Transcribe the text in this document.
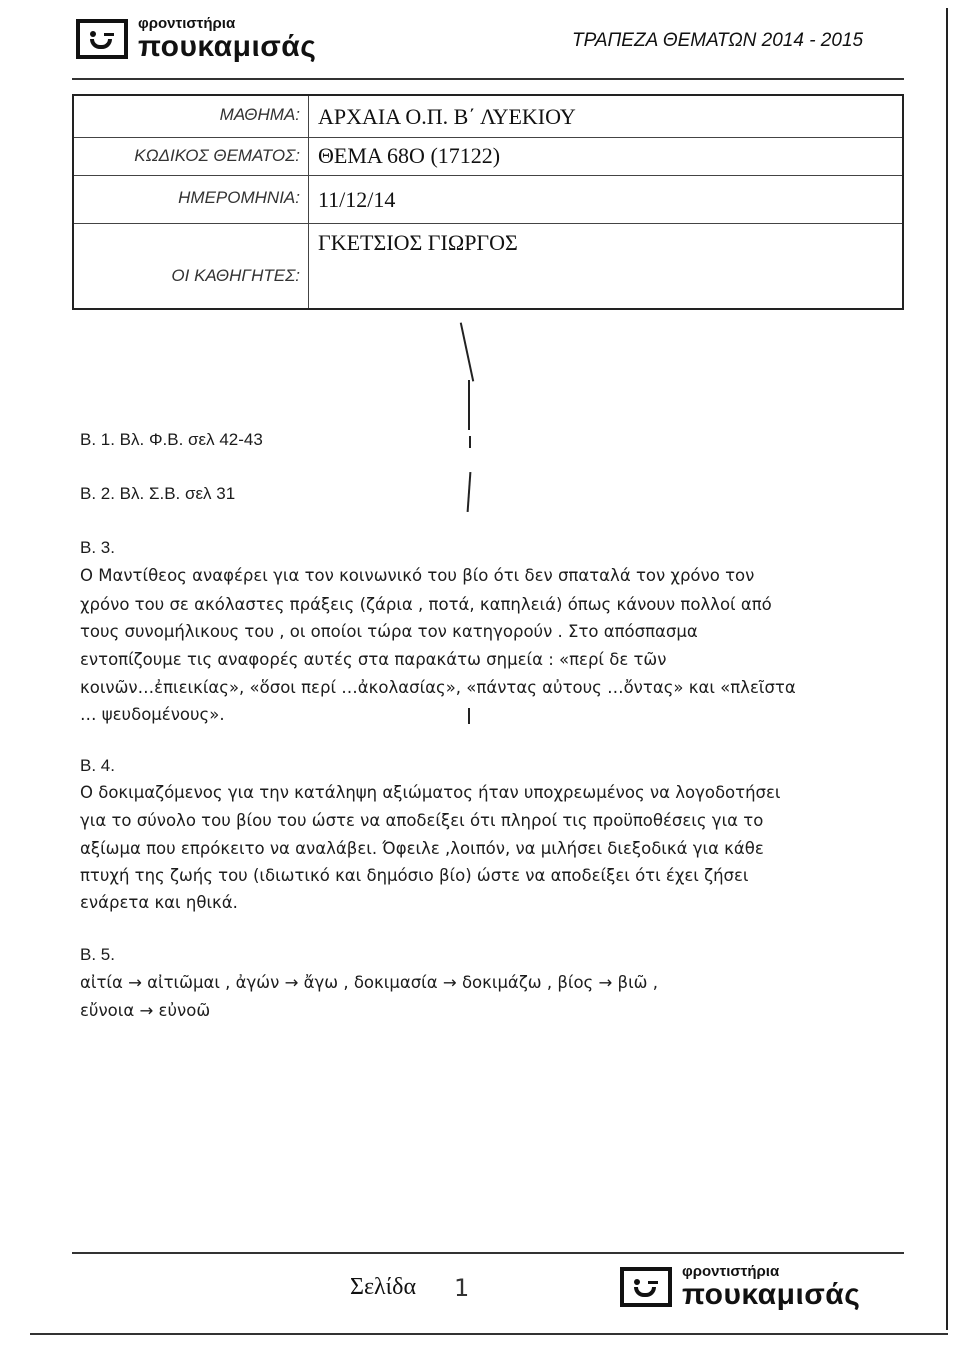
φροντιστήρια
πουκαμισάς	ΤΡΑΠΕΖΑ ΘΕΜΑΤΩΝ 2014 - 2015
ΜΑΘΗΜΑ: ΑΡΧΑΙΑ Ο.Π. Β΄ ΛΥΕΚΙΟΥ
ΚΩΔΙΚΟΣ ΘΕΜΑΤΟΣ: ΘΕΜΑ 68Ο (17122)
ΗΜΕΡΟΜΗΝΙΑ: 11/12/14
ΟΙ ΚΑΘΗΓΗΤΕΣ:
ΓΚΕΤΣΙΟΣ ΓΙΩΡΓΟΣ
Β. 1. Βλ. Φ.Β. σελ 42-43
Β. 2. Βλ. Σ.Β. σελ 31
Β. 3.
Ο Μαντίθεος αναφέρει για τον κοινωνικό του βίο ότι δεν σπαταλά τον χρόνο τον
χρόνο του σε ακόλαστες πράξεις (ζάρια , ποτά, καπηλειά) όπως κάνουν πολλοί από
τους συνομήλικους του , οι οποίοι τώρα τον κατηγορούν . Στο απόσπασμα
εντοπίζουμε τις αναφορές αυτές στα παρακάτω σημεία : «περί δε τῶν
κοινῶν…ἐπιεικίας», «ὅσοι περί …ἀκολασίας», «πάντας αὐτους …ὄντας» και «πλεῖστα
… ψευδομένους».
Β. 4.
Ο δοκιμαζόμενος για την κατάληψη αξιώματος ήταν υποχρεωμένος να λογοδοτήσει
για το σύνολο του βίου του ώστε να αποδείξει ότι πληροί τις προϋποθέσεις για το
αξίωμα που επρόκειτο να αναλάβει. Όφειλε ,λοιπόν, να μιλήσει διεξοδικά για κάθε
πτυχή της ζωής του (ιδιωτικό και δημόσιο βίο) ώστε να αποδείξει ότι έχει ζήσει
ενάρετα και ηθικά.
Β. 5.
αἰτία → αἰτιῶμαι , ἀγών → ἄγω , δοκιμασία → δοκιμάζω , βίος → βιῶ ,
εὔνοια → εὐνοῶ
Σελίδα 1
φροντιστήρια
πουκαμισάς
